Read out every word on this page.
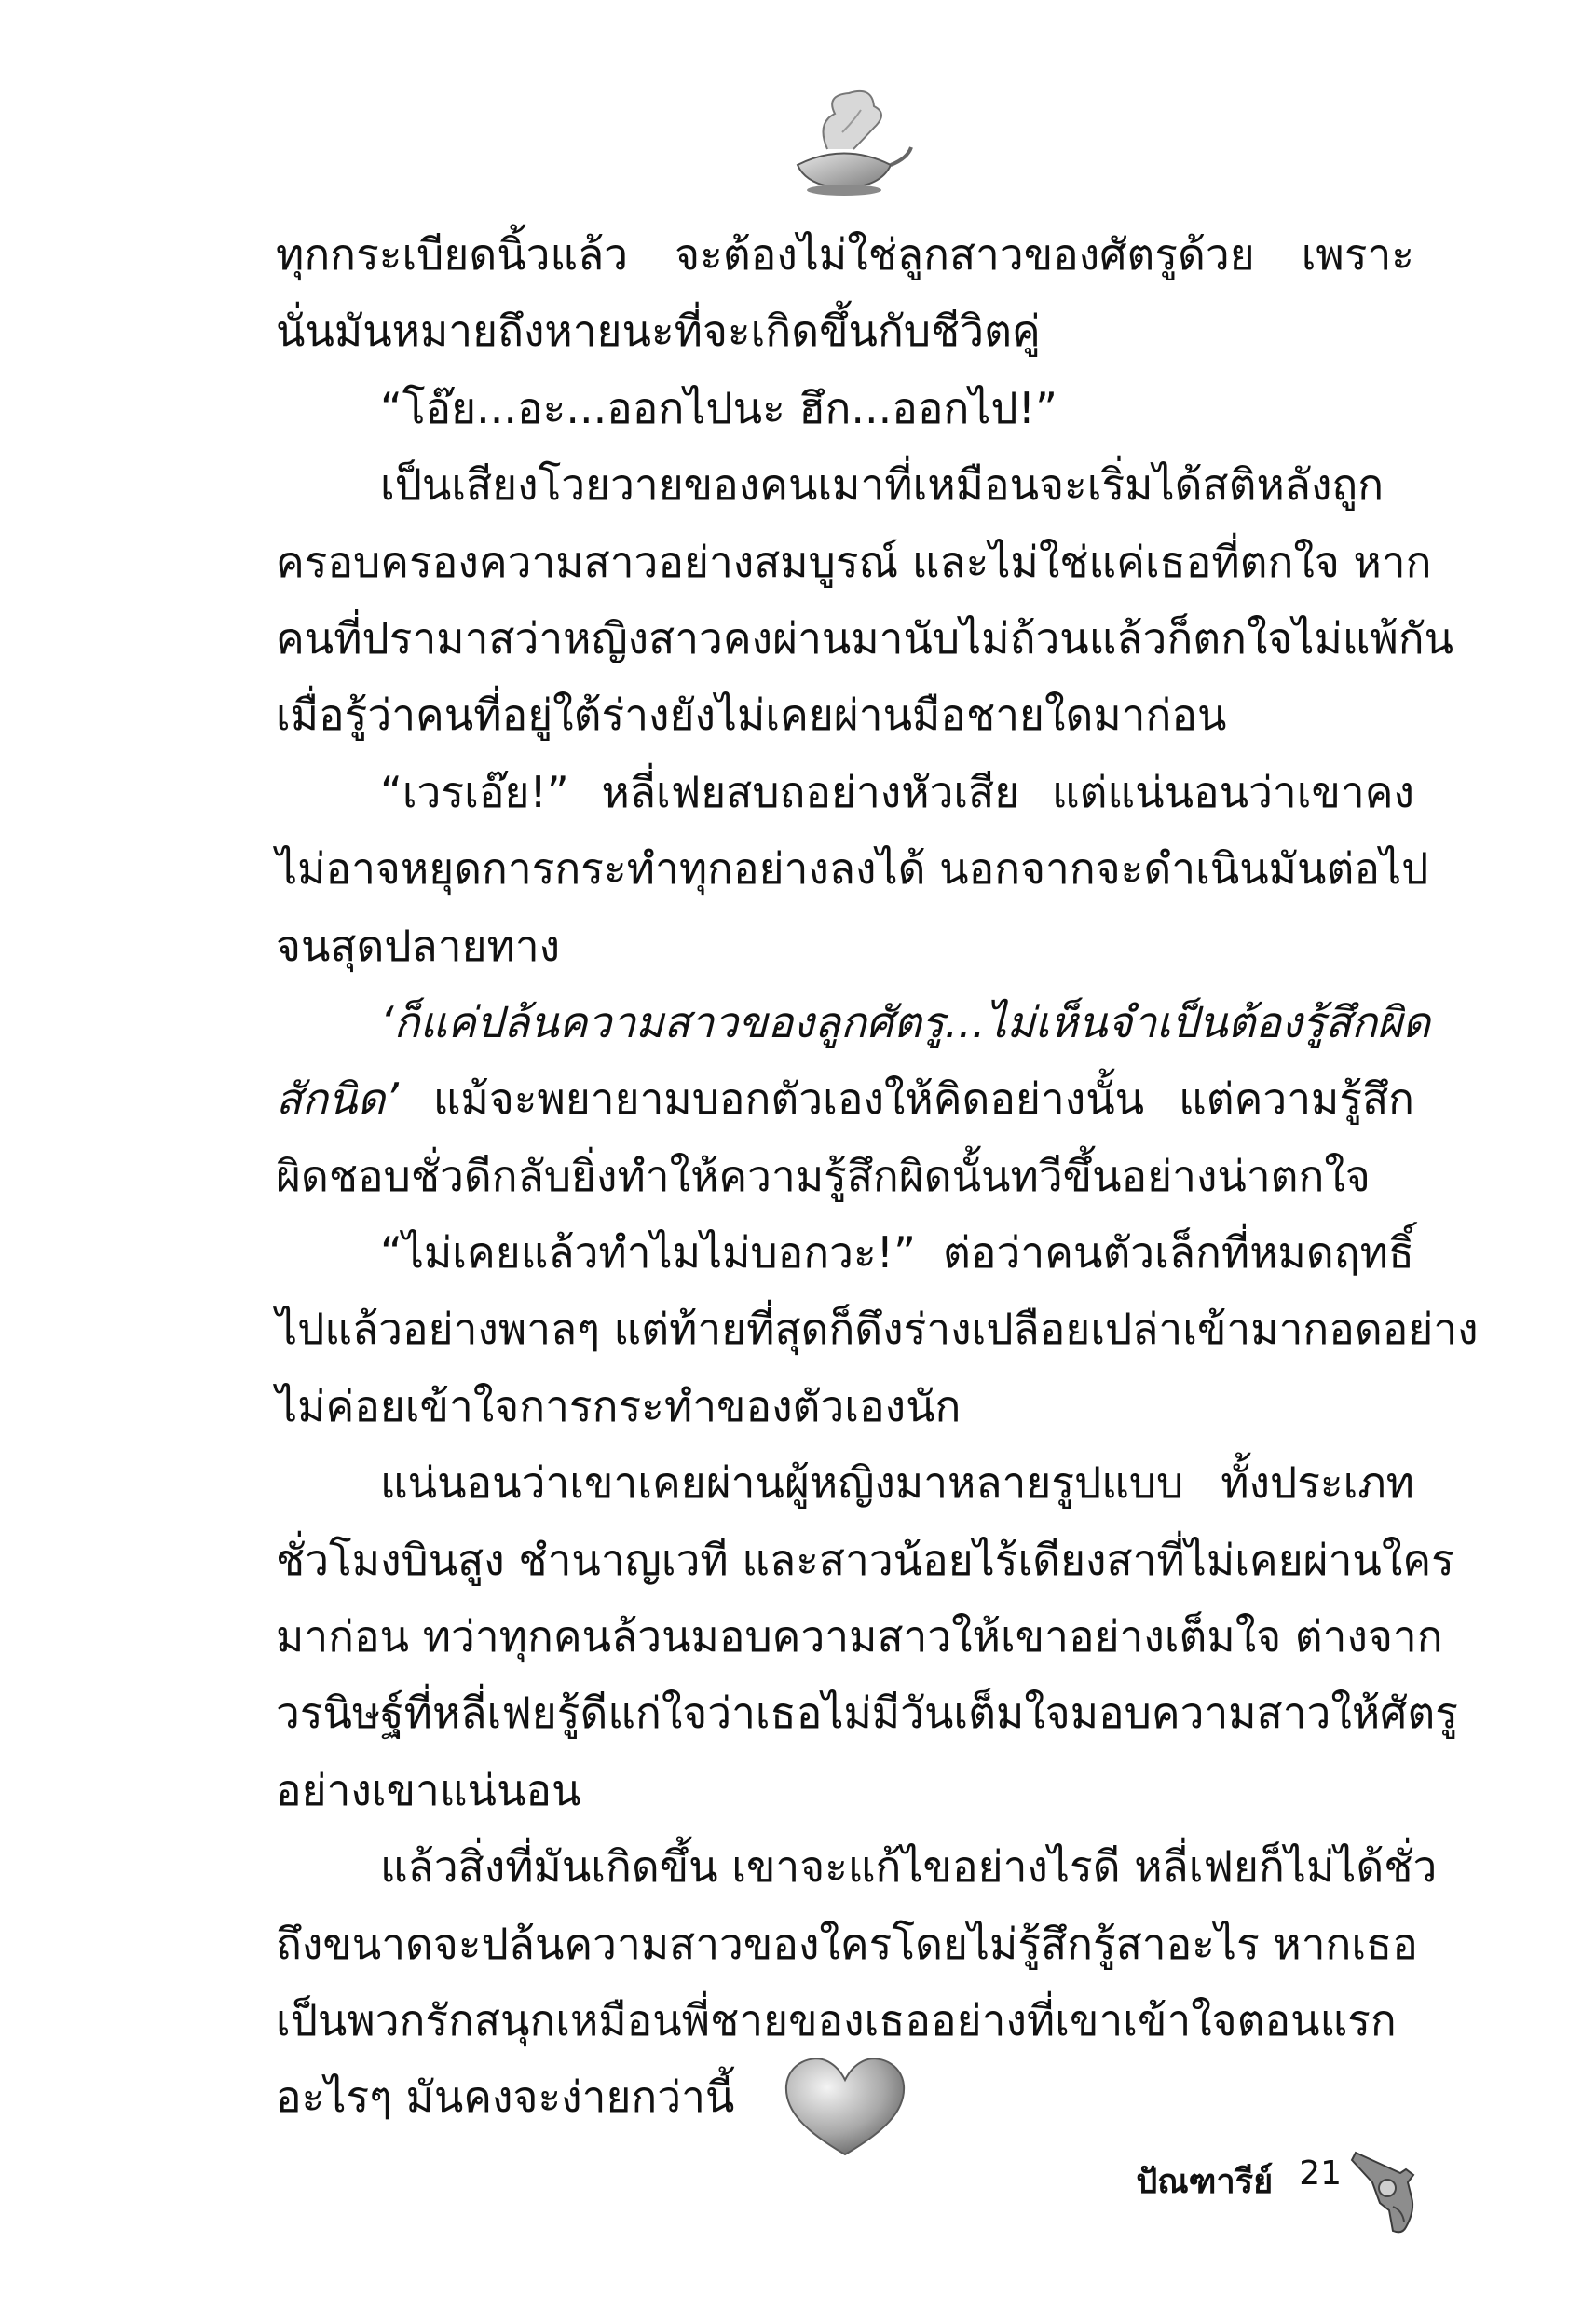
ทุกกระเบียดนิ้วแล้ว จะต้องไม่ใช่ลูกสาวของศัตรูด้วย เพราะ
นั่นมันหมายถึงหายนะที่จะเกิดขึ้นกับชีวิตคู่
“โอ๊ย...อะ...ออกไปนะ ฮึก...ออกไป!”
เป็นเสียงโวยวายของคนเมาที่เหมือนจะเริ่มได้สติหลังถูก
ครอบครองความสาวอย่างสมบูรณ์ และไม่ใช่แค่เธอที่ตกใจ หาก
คนที่ปรามาสว่าหญิงสาวคงผ่านมานับไม่ถ้วนแล้วก็ตกใจไม่แพ้กัน
เมื่อรู้ว่าคนที่อยู่ใต้ร่างยังไม่เคยผ่านมือชายใดมาก่อน
“เวรเอ๊ย!” หลี่เฟยสบถอย่างหัวเสีย แต่แน่นอนว่าเขาคง
ไม่อาจหยุดการกระทำทุกอย่างลงได้ นอกจากจะดำเนินมันต่อไป
จนสุดปลายทาง
‘ก็แค่ปล้นความสาวของลูกศัตรู...ไม่เห็นจำเป็นต้องรู้สึกผิด
สักนิด’ แม้จะพยายามบอกตัวเองให้คิดอย่างนั้น แต่ความรู้สึก
ผิดชอบชั่วดีกลับยิ่งทำให้ความรู้สึกผิดนั้นทวีขึ้นอย่างน่าตกใจ
“ไม่เคยแล้วทำไมไม่บอกวะ!” ต่อว่าคนตัวเล็กที่หมดฤทธิ์
ไปแล้วอย่างพาลๆ แต่ท้ายที่สุดก็ดึงร่างเปลือยเปล่าเข้ามากอดอย่าง
ไม่ค่อยเข้าใจการกระทำของตัวเองนัก
แน่นอนว่าเขาเคยผ่านผู้หญิงมาหลายรูปแบบ ทั้งประเภท
ชั่วโมงบินสูง ชำนาญเวที และสาวน้อยไร้เดียงสาที่ไม่เคยผ่านใคร
มาก่อน ทว่าทุกคนล้วนมอบความสาวให้เขาอย่างเต็มใจ ต่างจาก
วรนิษฐ์ที่หลี่เฟยรู้ดีแก่ใจว่าเธอไม่มีวันเต็มใจมอบความสาวให้ศัตรู
อย่างเขาแน่นอน
แล้วสิ่งที่มันเกิดขึ้น เขาจะแก้ไขอย่างไรดี หลี่เฟยก็ไม่ได้ชั่ว
ถึงขนาดจะปล้นความสาวของใครโดยไม่รู้สึกรู้สาอะไร หากเธอ
เป็นพวกรักสนุกเหมือนพี่ชายของเธออย่างที่เขาเข้าใจตอนแรก
อะไรๆ มันคงจะง่ายกว่านี้
ปัณฑารีย์ 21
